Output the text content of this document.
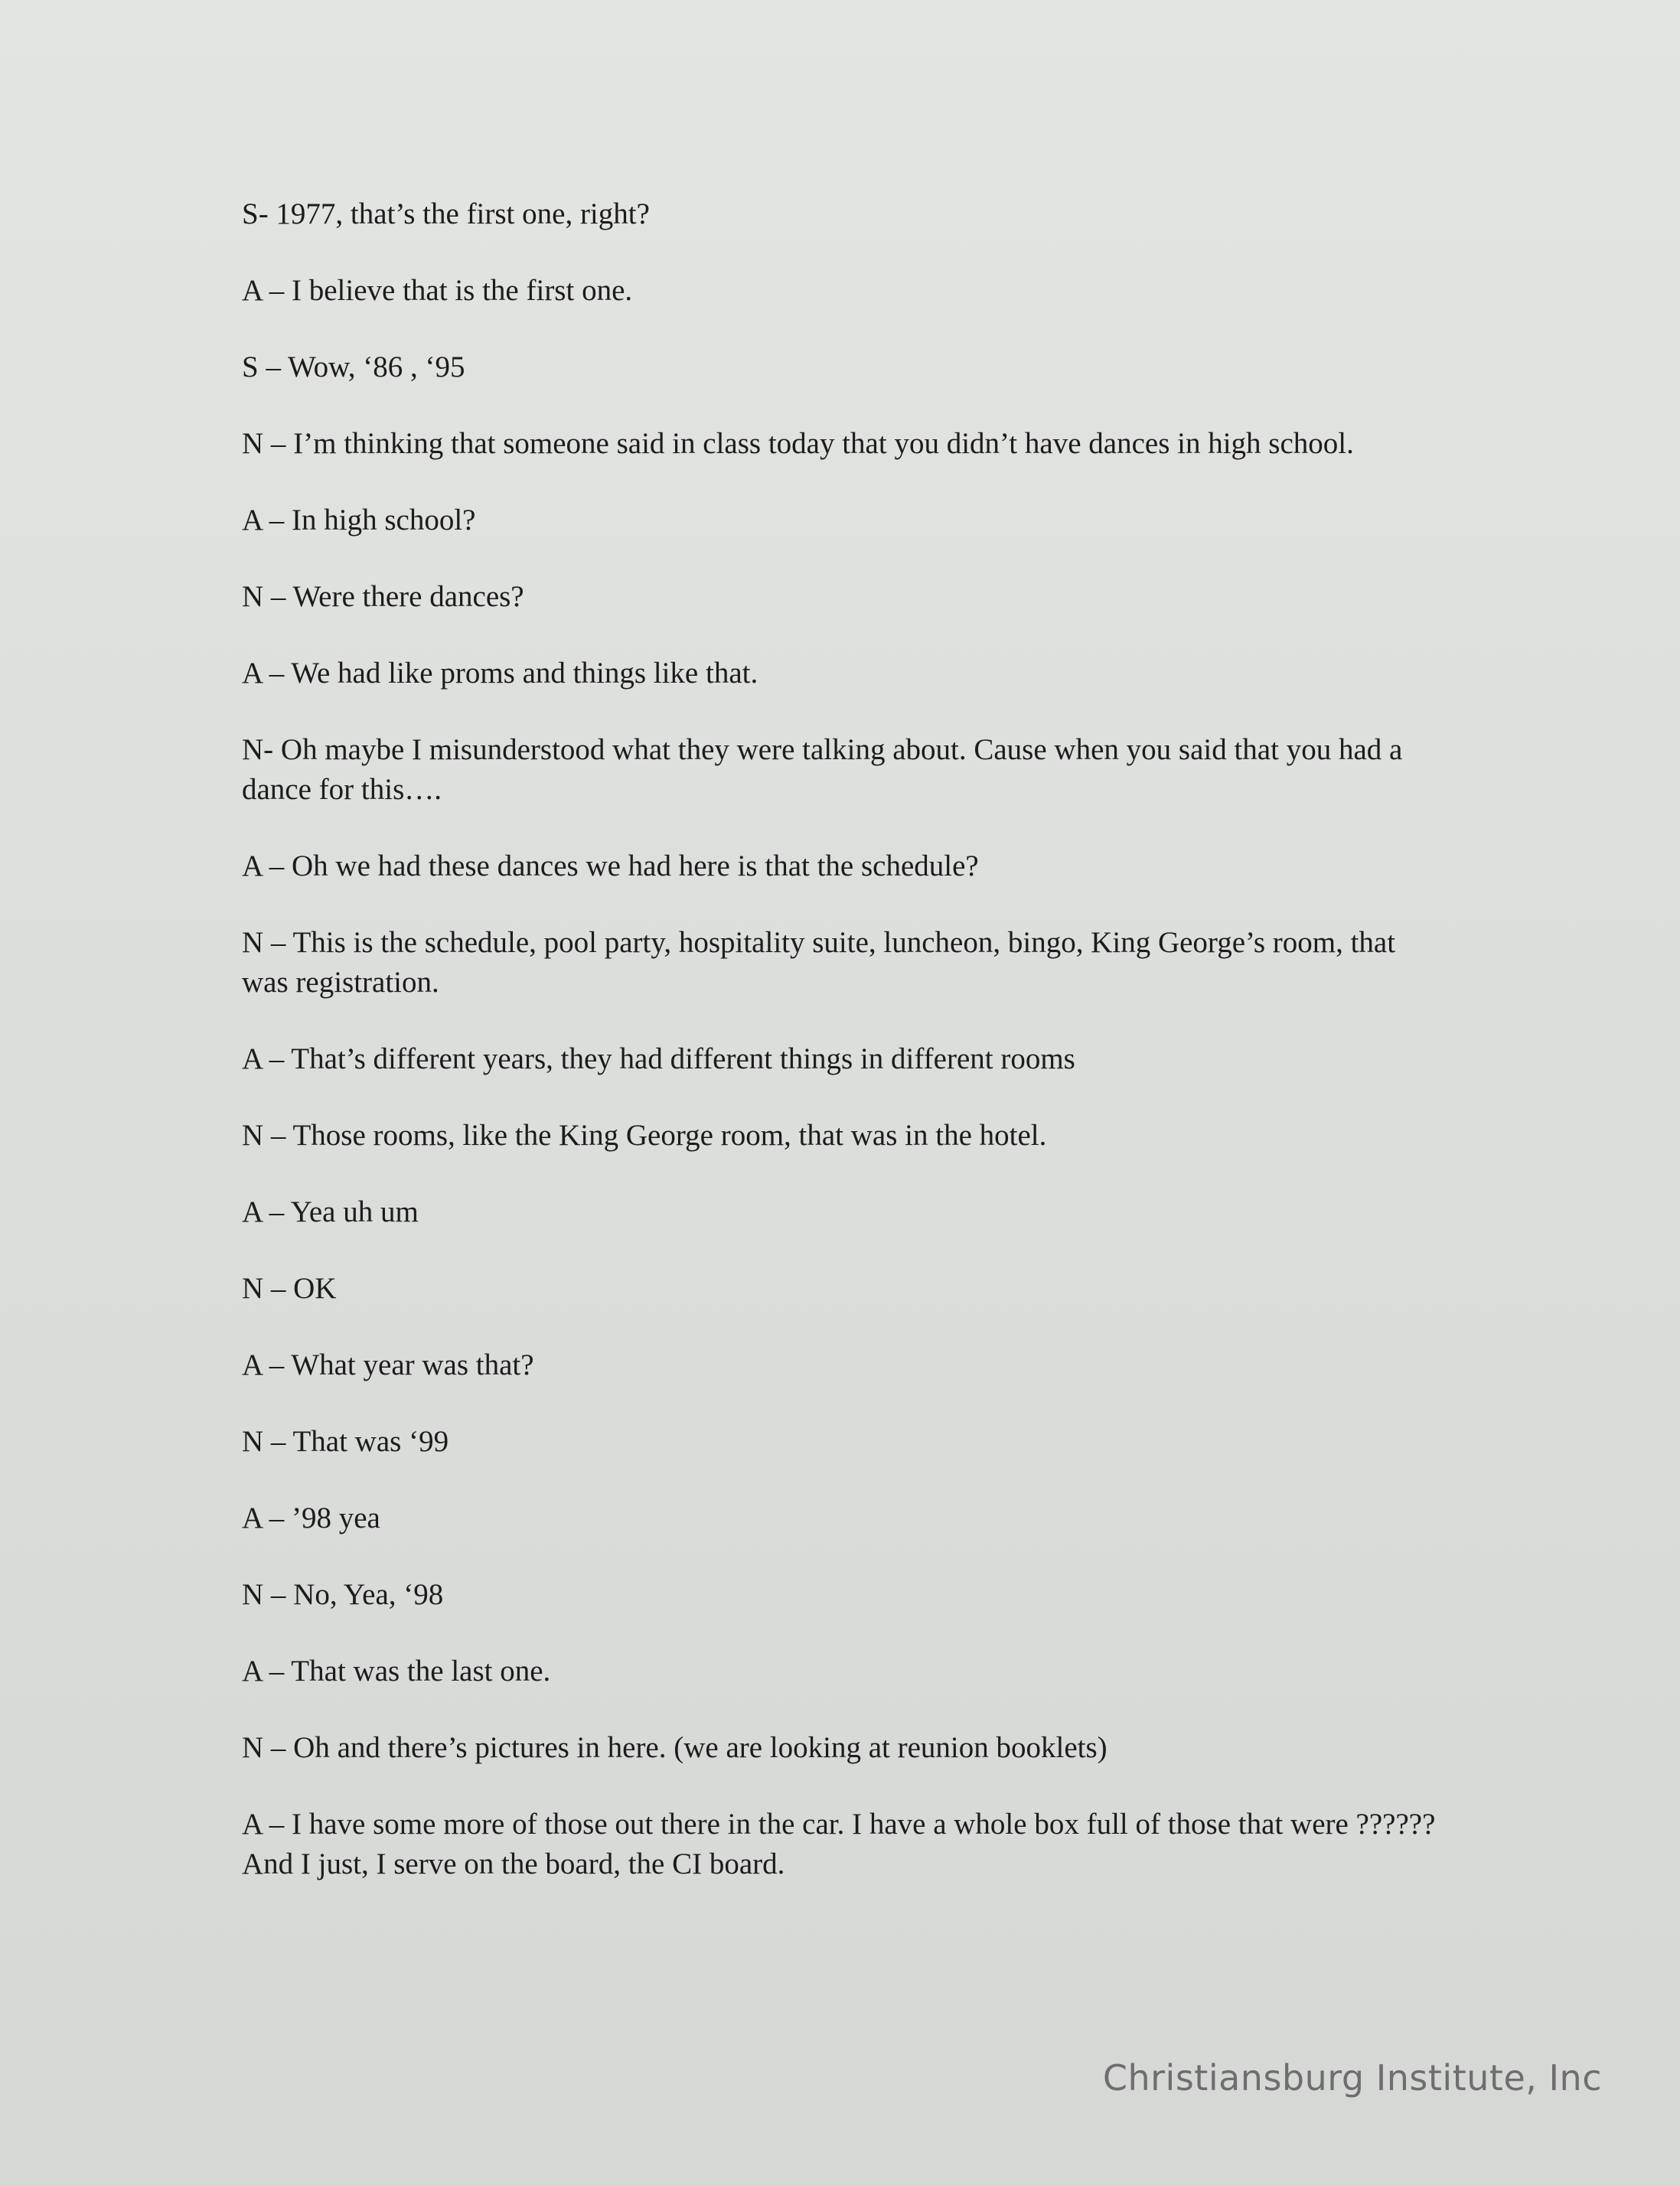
S- 1977, that’s the first one, right?

A – I believe that is the first one.

S – Wow, ‘86 , ‘95

N – I’m thinking that someone said in class today that you didn’t have dances in high school.

A – In high school?

N – Were there dances?

A – We had like proms and things like that.

N- Oh maybe I misunderstood what they were talking about. Cause when you said that you had a dance for this….

A – Oh we had these dances we had here is that the schedule?

N – This is the schedule, pool party, hospitality suite, luncheon, bingo, King George’s room, that was registration.

A – That’s different years, they had different things in different rooms

N – Those rooms, like the King George room, that was in the hotel.

A – Yea uh um

N – OK

A – What year was that?

N – That was ‘99

A – ’98 yea

N – No, Yea, ‘98

A – That was the last one.

N – Oh and there’s pictures in here. (we are looking at reunion booklets)

A – I have some more of those out there in the car. I have a whole box full of those that were ?????? And I just, I serve on the board, the CI board.

Christiansburg Institute, Inc
